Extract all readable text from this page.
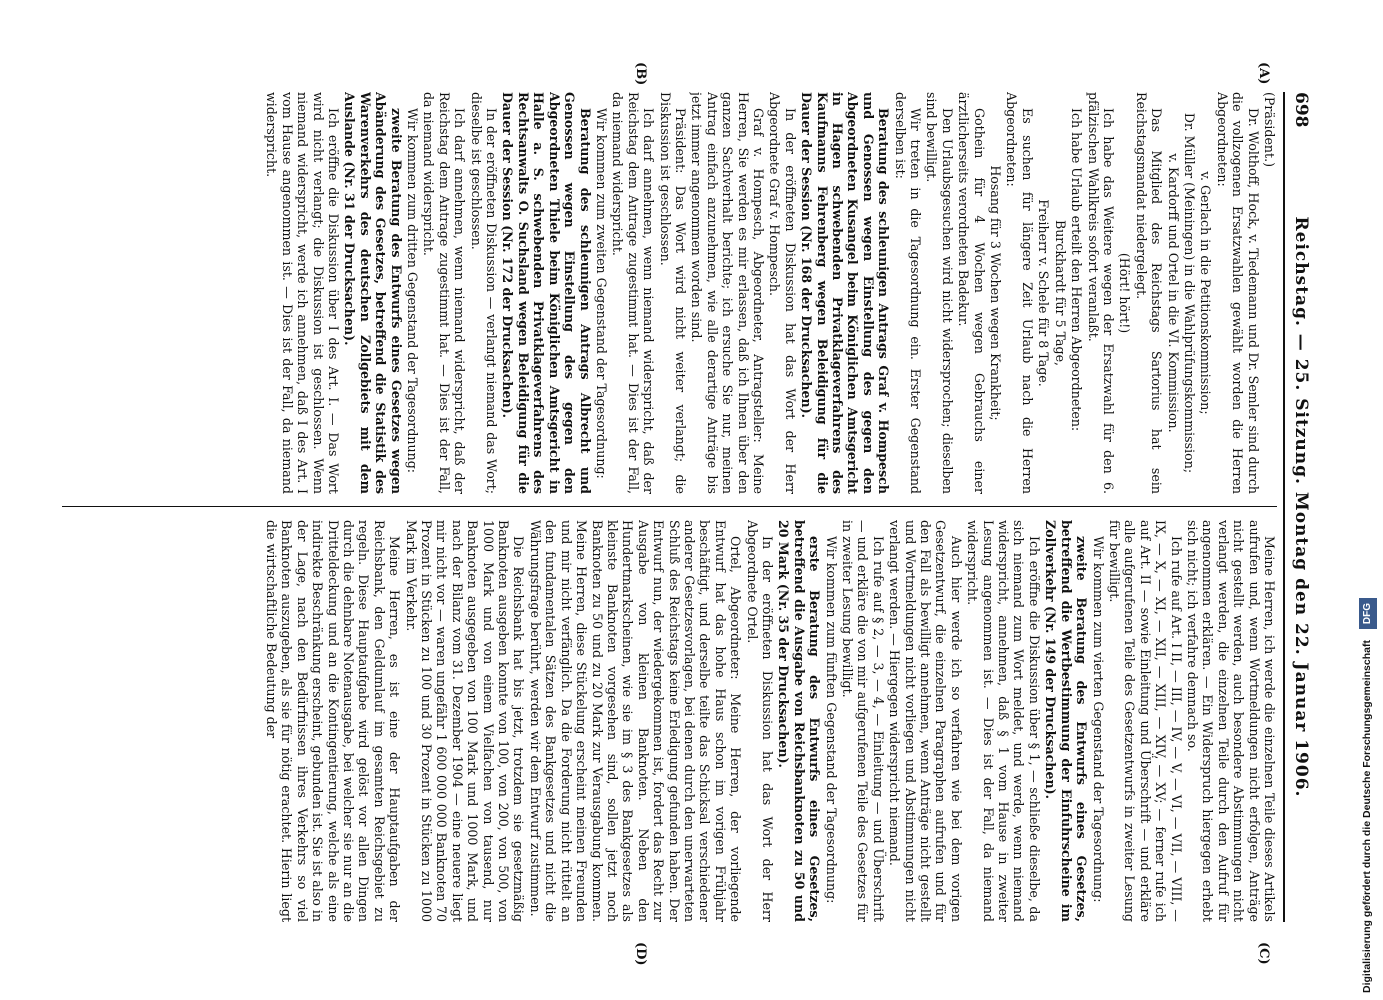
698
Reichstag. — 25. Sitzung. Montag den 22. Januar 1906.

(Präsident.)

Dr. Wolthoff, Hock, v. Tiedemann und Dr. Semler sind durch die vollzogenen Ersatzwahlen gewählt worden die Herren Abgeordneten:

v. Gerlach in die Petitionskommission;

Dr. Müller (Meiningen) in die Wahlprüfungskommission;

v. Kardorff und Ortel in die VI. Kommission.

Das Mitglied des Reichstags Sartorius hat sein Reichstagsmandat niedergelegt.

(Hört! hört!)

Ich habe das Weitere wegen der Ersatzwahl für den 6. pfälzischen Wahlkreis sofort veranlaßt.

Ich habe Urlaub erteilt den Herren Abgeordneten:

Burckhardt für 5 Tage,

Freiherr v. Schele für 8 Tage.

Es suchen für längere Zeit Urlaub nach die Herren Abgeordneten:

Hosang für 3 Wochen wegen Krankheit;

Gothein für 4 Wochen wegen Gebrauchs einer ärztlicherseits verordneten Badekur.

Den Urlaubsgesuchen wird nicht widersprochen; dieselben sind bewilligt.

Wir treten in die Tagesordnung ein. Erster Gegenstand derselben ist:

Beratung des schleunigen Antrags Graf v. Hompesch und Genossen wegen Einstellung des gegen den Abgeordneten Kusangel beim Königlichen Amtsgericht in Hagen schwebenden Privatklageverfahrens des Kaufmanns Fehrenberg wegen Beleidigung für die Dauer der Session (Nr. 168 der Drucksachen).

In der eröffneten Diskussion hat das Wort der Herr Abgeordnete Graf v. Hompesch.

Graf v. Hompesch, Abgeordneter, Antragsteller: Meine Herren, Sie werden es mir erlassen, daß ich Ihnen über den ganzen Sachverhalt berichte; ich ersuche Sie nur, meinen Antrag einfach anzunehmen, wie alle derartige Anträge bis jetzt immer angenommen worden sind.

Präsident: Das Wort wird nicht weiter verlangt; die Diskussion ist geschlossen.

Ich darf annehmen, wenn niemand widerspricht, daß der Reichstag dem Antrage zugestimmt hat. — Dies ist der Fall, da niemand widerspricht.

Wir kommen zum zweiten Gegenstand der Tagesordnung:

Beratung des schleunigen Antrags Albrecht und Genossen wegen Einstellung des gegen den Abgeordneten Thiele beim Königlichen Amtsgericht in Halle a. S. schwebenden Privatklageverfahrens des Rechtsanwalts O. Suchsland wegen Beleidigung für die Dauer der Session (Nr. 172 der Drucksachen).

In der eröffneten Diskussion — verlangt niemand das Wort; dieselbe ist geschlossen.

Ich darf annehmen, wenn niemand widerspricht, daß der Reichstag dem Antrage zugestimmt hat. — Dies ist der Fall, da niemand widerspricht.

Wir kommen zum dritten Gegenstand der Tagesordnung:

zweite Beratung des Entwurfs eines Gesetzes wegen Abänderung des Gesetzes, betreffend die Statistik des Warenverkehrs des deutschen Zollgebiets mit dem Auslande (Nr. 31 der Drucksachen).

Ich eröffne die Diskussion über I des Art. I. — Das Wort wird nicht verlangt; die Diskussion ist geschlossen. Wenn niemand widerspricht, werde ich annehmen, daß I des Art. I vom Hause angenommen ist. — Dies ist der Fall, da niemand widerspricht.

Meine Herren, ich werde die einzelnen Teile dieses Artikels aufrufen und, wenn Wortmeldungen nicht erfolgen, Anträge nicht gestellt werden, auch besondere Abstimmungen nicht verlangt werden, die einzelnen Teile durch den Aufruf für angenommen erklären. — Ein Widerspruch hiergegen erhebt sich nicht; ich verfahre demnach so.

Ich rufe auf Art. I II, — III, — IV, — V, — VI, — VII, — VIII, — IX, — X, — XI, — XII, — XIII, — XIV, — XV; — ferner rufe ich auf Art. II — sowie Einleitung und Überschrift — und erkläre alle aufgerufenen Teile des Gesetzentwurfs in zweiter Lesung für bewilligt.

Wir kommen zum vierten Gegenstand der Tagesordnung:

zweite Beratung des Entwurfs eines Gesetzes, betreffend die Wertbestimmung der Einfuhrscheine im Zollverkehr (Nr. 149 der Drucksachen).

Ich eröffne die Diskussion über § 1, — schließe dieselbe, da sich niemand zum Wort meldet, und werde, wenn niemand widerspricht, annehmen, daß § 1 vom Hause in zweiter Lesung angenommen ist. — Dies ist der Fall, da niemand widerspricht.

Auch hier werde ich so verfahren wie bei dem vorigen Gesetzentwurf, die einzelnen Paragraphen aufrufen und für den Fall als bewilligt annehmen, wenn Anträge nicht gestellt und Wortmeldungen nicht vorliegen und Abstimmungen nicht verlangt werden. — Hiergegen widerspricht niemand.

Ich rufe auf § 2, — 3, — 4, — Einleitung — und Überschrift — und erkläre die von mir aufgerufenen Teile des Gesetzes für in zweiter Lesung bewilligt.

Wir kommen zum fünften Gegenstand der Tagesordnung:

erste Beratung des Entwurfs eines Gesetzes, betreffend die Ausgabe von Reichsbanknoten zu 50 und 20 Mark (Nr. 35 der Drucksachen).

In der eröffneten Diskussion hat das Wort der Herr Abgeordnete Ortel.

Ortel, Abgeordneter: Meine Herren, der vorliegende Entwurf hat das hohe Haus schon im vorigen Frühjahr beschäftigt, und derselbe teilte das Schicksal verschiedener anderer Gesetzesvorlagen, bei denen durch den unerwarteten Schluß des Reichstags keine Erledigung gefunden haben. Der Entwurf nun, der wiedergekommen ist, fordert das Recht zur Ausgabe von kleinen Banknoten. Neben den Hundertmarkscheinen, wie sie im § 3 des Bankgesetzes als kleinste Banknoten vorgesehen sind, sollen jetzt noch Banknoten zu 50 und zu 20 Mark zur Verausgabung kommen. Meine Herren, diese Stückelung erscheint meinen Freunden und mir nicht verfänglich. Da die Forderung nicht rüttelt an den fundamentalen Sätzen des Bankgesetzes und nicht die Währungsfrage berührt, werden wir dem Entwurf zustimmen.

Die Reichsbank hat bis jetzt, trotzdem sie gesetzmäßig Banknoten ausgeben konnte von 100, von 200, von 500, von 1000 Mark und von einem Vielfachen von tausend, nur Banknoten ausgegeben von 100 Mark und 1000 Mark, und nach der Bilanz vom 31. Dezember 1904 — eine neuere liegt mir nicht vor — waren ungefähr 1 600 000 000 Banknoten 70 Prozent in Stücken zu 100 und 30 Prozent in Stücken zu 1000 Mark im Verkehr.

Meine Herren, es ist eine der Hauptaufgaben der Reichsbank, den Geldumlauf im gesamten Reichsgebiet zu regeln. Diese Hauptaufgabe wird gelöst vor allen Dingen durch die dehnbare Notenausgabe, bei welcher sie nur an die Dritteldeckung und an die Kontingentierung, welche als eine indirekte Beschränkung erscheint, gebunden ist. Sie ist also in der Lage, nach den Bedürfnissen ihres Verkehrs so viel Banknoten auszugeben, als sie für nötig erachtet. Hierin liegt die wirtschaftliche Bedeutung der

(A)
(B)
(C)
(D)	Digitalisierung gefördert durch die Deutsche Forschungsgemeinschaft DFG
